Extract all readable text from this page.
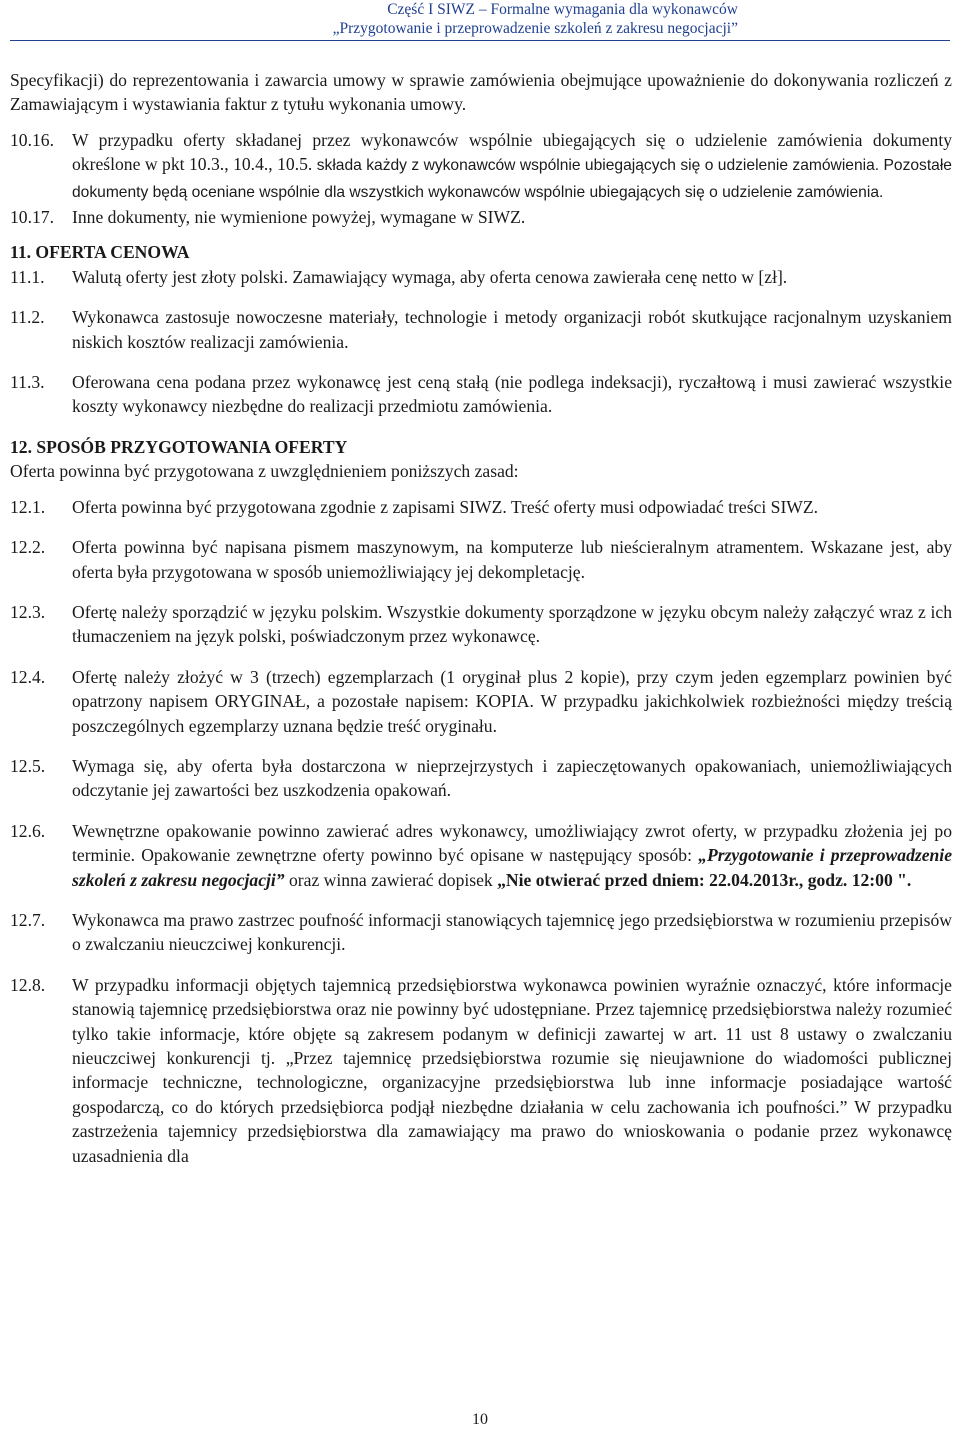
Część I SIWZ – Formalne wymagania dla wykonawców
„Przygotowanie i przeprowadzenie szkoleń z zakresu negocjacji”

Specyfikacji) do reprezentowania i zawarcia umowy w sprawie zamówienia obejmujące upoważnienie do dokonywania rozliczeń z Zamawiającym i wystawiania faktur z tytułu wykonania umowy.

10.16.	W przypadku oferty składanej przez wykonawców wspólnie ubiegających się o udzielenie zamówienia dokumenty określone w pkt 10.3., 10.4., 10.5. składa każdy z wykonawców wspólnie ubiegających się o udzielenie zamówienia. Pozostałe dokumenty będą oceniane wspólnie dla wszystkich wykonawców wspólnie ubiegających się o udzielenie zamówienia.
10.17.	Inne dokumenty, nie wymienione powyżej, wymagane w SIWZ.
11. OFERTA CENOWA
11.1.	Walutą oferty jest złoty polski. Zamawiający wymaga, aby oferta cenowa zawierała cenę netto w [zł].
11.2.	Wykonawca zastosuje nowoczesne materiały, technologie i metody organizacji robót skutkujące racjonalnym uzyskaniem niskich kosztów realizacji zamówienia.
11.3.	Oferowana cena podana przez wykonawcę jest ceną stałą (nie podlega indeksacji), ryczałtową i musi zawierać wszystkie koszty wykonawcy niezbędne do realizacji przedmiotu zamówienia.
12. SPOSÓB PRZYGOTOWANIA OFERTY

Oferta powinna być przygotowana z uwzględnieniem poniższych zasad:

12.1.	Oferta powinna być przygotowana zgodnie z zapisami SIWZ. Treść oferty musi odpowiadać treści SIWZ.
12.2.	Oferta powinna być napisana pismem maszynowym, na komputerze lub nieścieralnym atramentem. Wskazane jest, aby oferta była przygotowana w sposób uniemożliwiający jej dekompletację.
12.3.	Ofertę należy sporządzić w języku polskim. Wszystkie dokumenty sporządzone w języku obcym należy załączyć wraz z ich tłumaczeniem na język polski, poświadczonym przez wykonawcę.
12.4.	Ofertę należy złożyć w 3 (trzech) egzemplarzach (1 oryginał plus 2 kopie), przy czym jeden egzemplarz powinien być opatrzony napisem ORYGINAŁ, a pozostałe napisem: KOPIA. W przypadku jakichkolwiek rozbieżności między treścią poszczególnych egzemplarzy uznana będzie treść oryginału.
12.5.	Wymaga się, aby oferta była dostarczona w nieprzejrzystych i zapieczętowanych opakowaniach, uniemożliwiających odczytanie jej zawartości bez uszkodzenia opakowań.
12.6.	Wewnętrzne opakowanie powinno zawierać adres wykonawcy, umożliwiający zwrot oferty, w przypadku złożenia jej po terminie. Opakowanie zewnętrzne oferty powinno być opisane w następujący sposób: „Przygotowanie i przeprowadzenie szkoleń z zakresu negocjacji” oraz winna zawierać dopisek „Nie otwierać przed dniem: 22.04.2013r., godz. 12:00 ".
12.7.	Wykonawca ma prawo zastrzec poufność informacji stanowiących tajemnicę jego przedsiębiorstwa w rozumieniu przepisów o zwalczaniu nieuczciwej konkurencji.
12.8.	W przypadku informacji objętych tajemnicą przedsiębiorstwa wykonawca powinien wyraźnie oznaczyć, które informacje stanowią tajemnicę przedsiębiorstwa oraz nie powinny być udostępniane. Przez tajemnicę przedsiębiorstwa należy rozumieć tylko takie informacje, które objęte są zakresem podanym w definicji zawartej w art. 11 ust 8 ustawy o zwalczaniu nieuczciwej konkurencji tj. „Przez tajemnicę przedsiębiorstwa rozumie się nieujawnione do wiadomości publicznej informacje techniczne, technologiczne, organizacyjne przedsiębiorstwa lub inne informacje posiadające wartość gospodarczą, co do których przedsiębiorca podjął niezbędne działania w celu zachowania ich poufności.” W przypadku zastrzeżenia tajemnicy przedsiębiorstwa dla zamawiający ma prawo do wnioskowania o podanie przez wykonawcę uzasadnienia dla
10
